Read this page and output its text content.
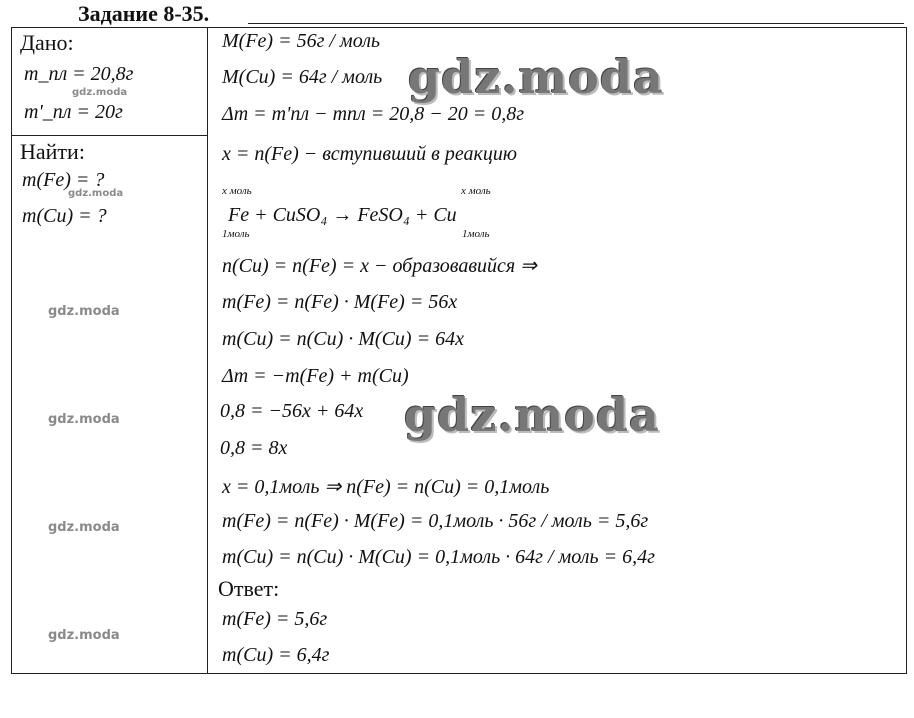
Задание 8-35.
Дано:
m_пл = 20,8г
m'_пл = 20г
Найти:
m(Fe) = ?
m(Cu) = ?
M(Fe) = 56г / моль
M(Cu) = 64г / моль
Δm = m'пл − mпл = 20,8 − 20 = 0,8г
x = n(Fe) − вступивший в реакцию
x моль	x моль
Fe + CuSO₄ → FeSO₄ + Cu
1моль	1моль
n(Cu) = n(Fe) = x − образовавийся ⇒
m(Fe) = n(Fe) · M(Fe) = 56x
m(Cu) = n(Cu) · M(Cu) = 64x
Δm = −m(Fe) + m(Cu)
0,8 = −56x + 64x
0,8 = 8x
x = 0,1моль ⇒ n(Fe) = n(Cu) = 0,1моль
m(Fe) = n(Fe) · M(Fe) = 0,1моль · 56г / моль = 5,6г
m(Cu) = n(Cu) · M(Cu) = 0,1моль · 64г / моль = 6,4г
Ответ:
m(Fe) = 5,6г
m(Cu) = 6,4г
gdz.moda
gdz.moda
gdz.moda
gdz.moda
gdz.moda
gdz.moda
gdz.moda
gdz.moda
